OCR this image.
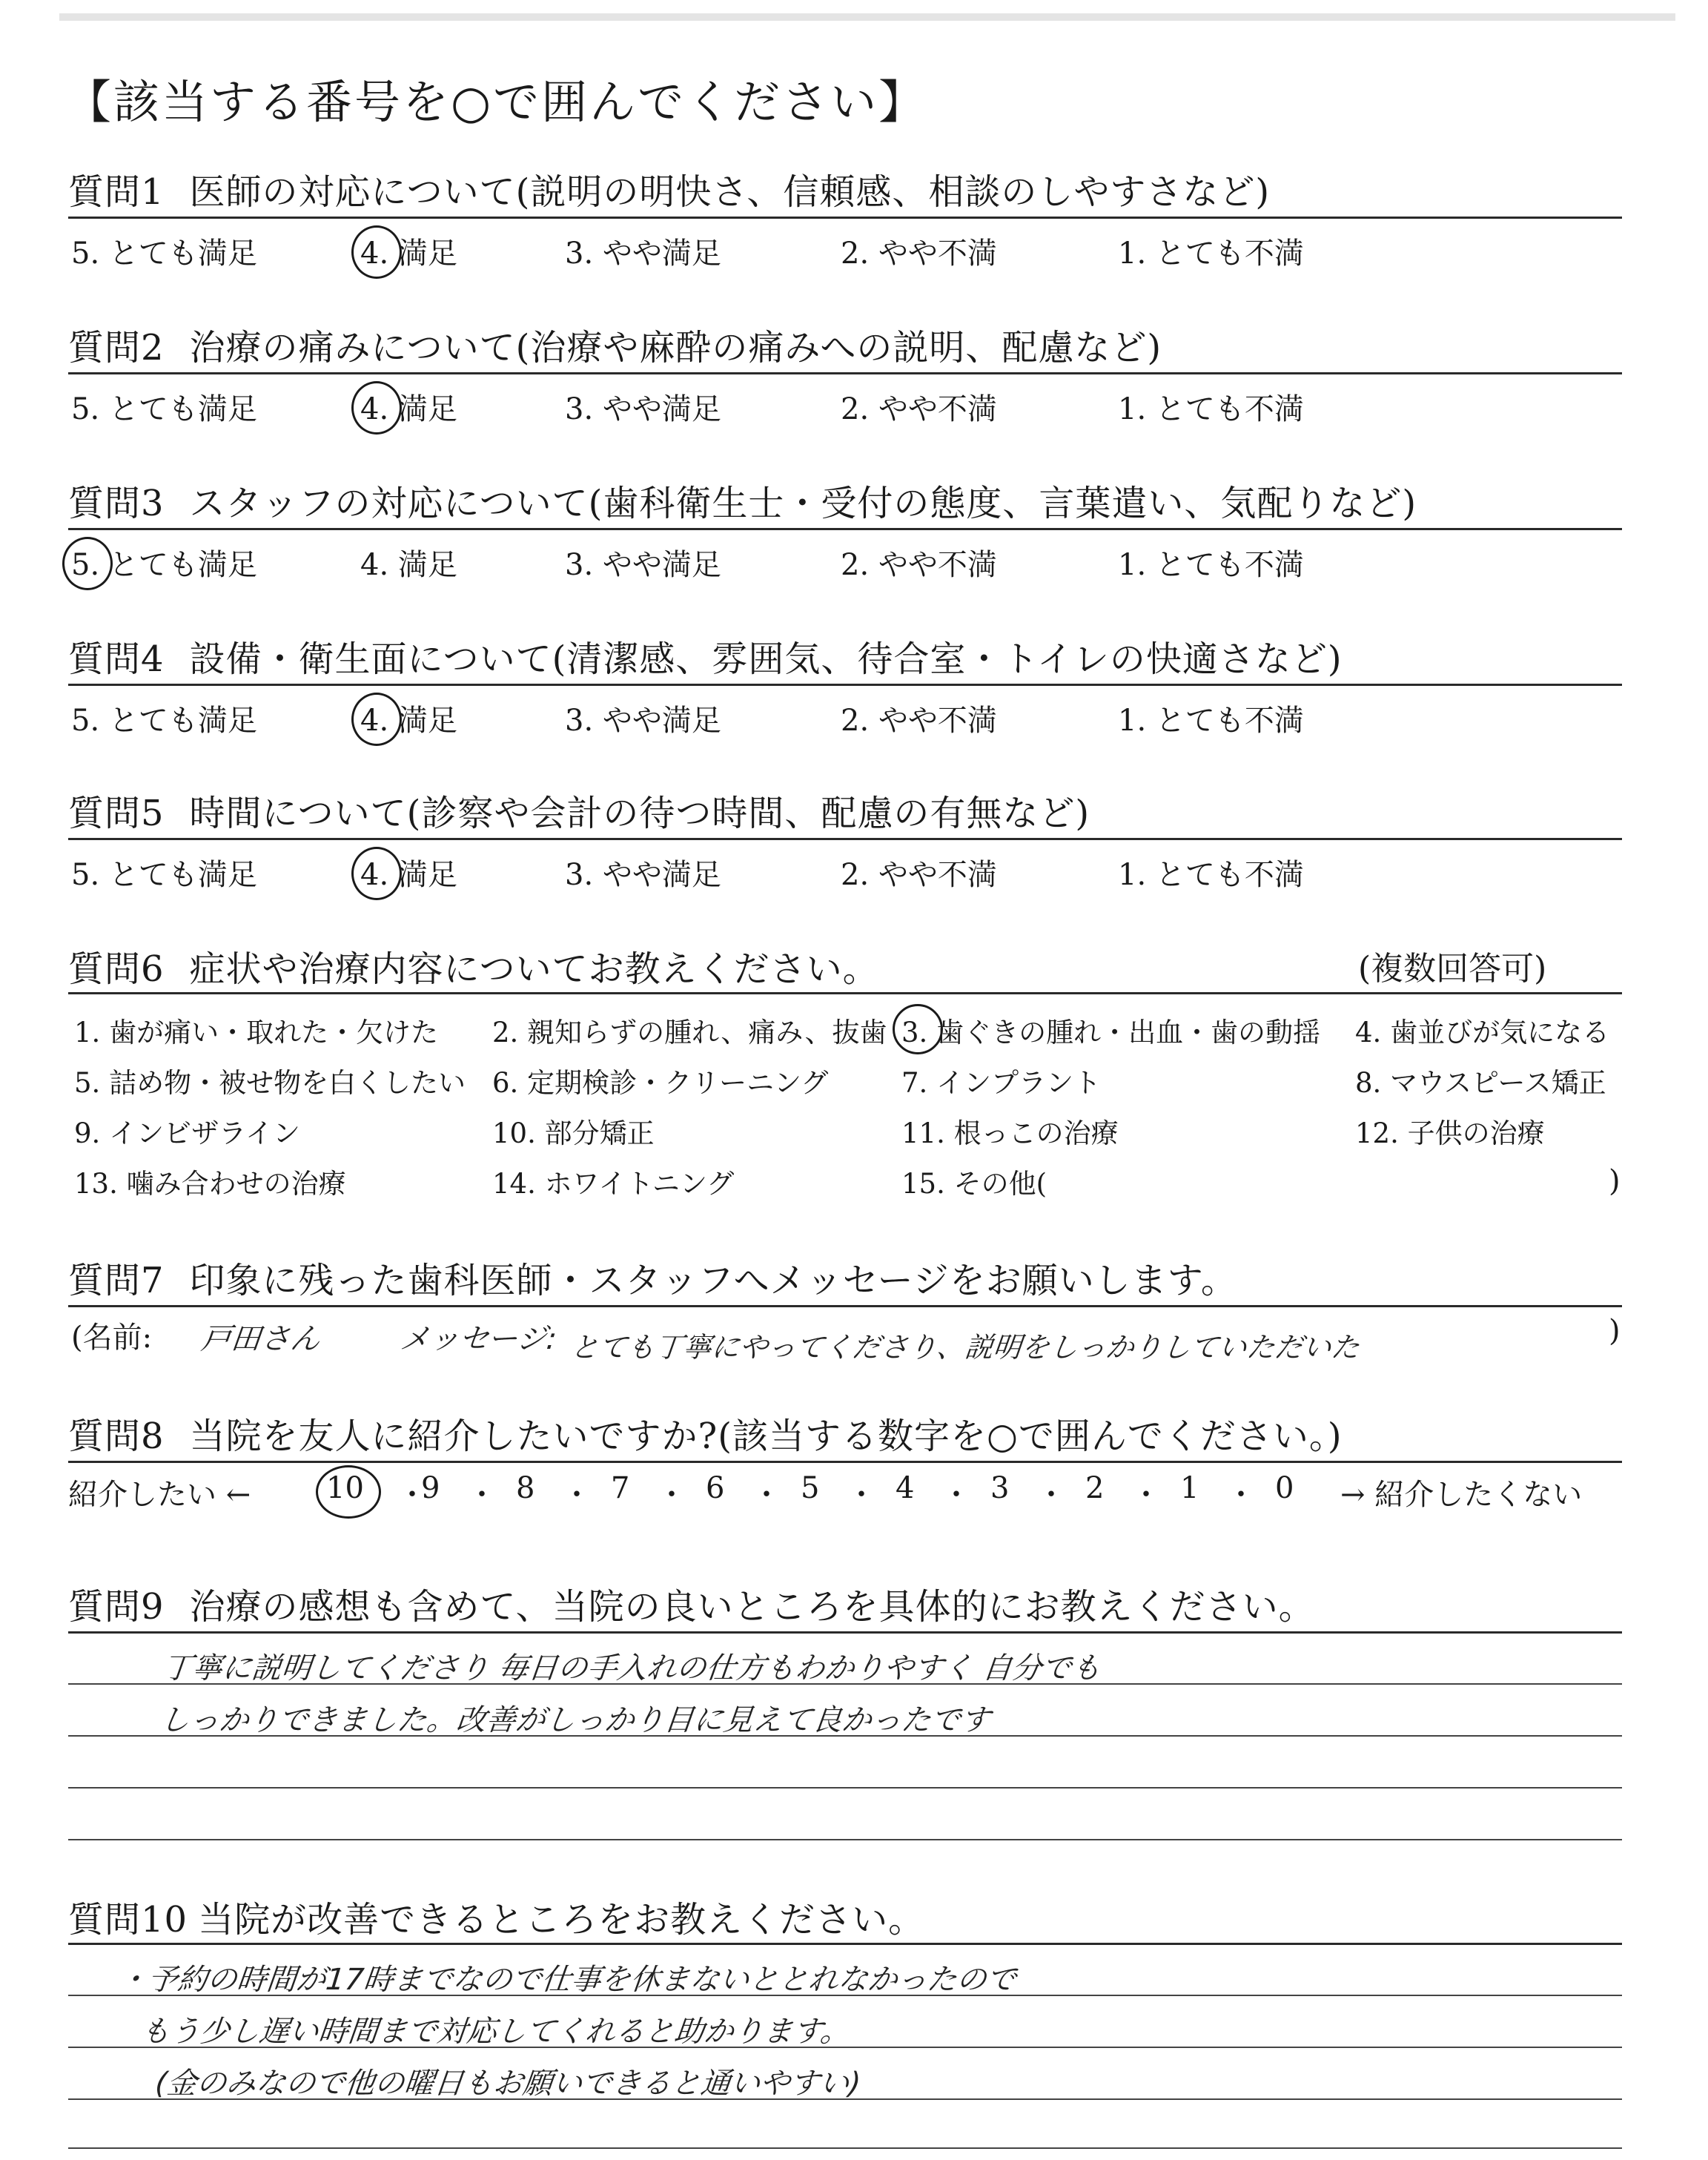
【該当する番号を○で囲んでください】
質問1 医師の対応について(説明の明快さ、信頼感、相談のしやすさなど)
5. とても満足	4. 満足	3. やや満足	2. やや不満	1. とても不満
質問2 治療の痛みについて(治療や麻酔の痛みへの説明、配慮など)
5. とても満足	4. 満足	3. やや満足	2. やや不満	1. とても不満
質問3 スタッフの対応について(歯科衛生士・受付の態度、言葉遣い、気配りなど)
5. とても満足	4. 満足	3. やや満足	2. やや不満	1. とても不満
質問4 設備・衛生面について(清潔感、雰囲気、待合室・トイレの快適さなど)
5. とても満足	4. 満足	3. やや満足	2. やや不満	1. とても不満
質問5 時間について(診察や会計の待つ時間、配慮の有無など)
5. とても満足	4. 満足	3. やや満足	2. やや不満	1. とても不満
質問6 症状や治療内容についてお教えください。	(複数回答可)
1. 歯が痛い・取れた・欠けた 2. 親知らずの腫れ、痛み、抜歯 3. 歯ぐきの腫れ・出血・歯の動揺 4. 歯並びが気になる
5. 詰め物・被せ物を白くしたい 6. 定期検診・クリーニング	7. インプラント	8. マウスピース矯正
9. インビザライン	10. 部分矯正	11. 根っこの治療	12. 子供の治療
13. 噛み合わせの治療	14. ホワイトニング	15. その他(	)
質問7 印象に残った歯科医師・スタッフへメッセージをお願いします。
(名前: 戸田さん	メッセージ: とても丁寧にやってくださり、説明をしっかりしていただいた	)
質問8 当院を友人に紹介したいですか?(該当する数字を○で囲んでください。)
紹介したい ←	10 ・
9 ・ 8 ・ 7 ・ 6 ・ 5 ・ 4 ・ 3 ・ 2 ・ 1 ・ 0 → 紹介したくない
質問9 治療の感想も含めて、当院の良いところを具体的にお教えください。
丁寧に説明してくださり 毎日の手入れの仕方もわかりやすく 自分でも
しっかりできました。改善がしっかり目に見えて良かったです
質問10 当院が改善できるところをお教えください。
・予約の時間が17時までなので仕事を休まないととれなかったので
もう少し遅い時間まで対応してくれると助かります。
(金のみなので他の曜日もお願いできると通いやすい)
